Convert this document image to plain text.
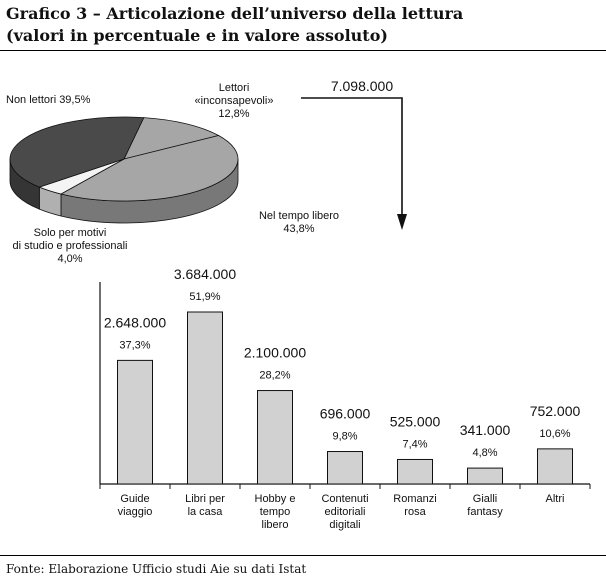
Grafico 3 – Articolazione dell’universo della lettura
(valori in percentuale e in valore assoluto)
Lettori
«inconsapevoli»
12,8%
Nel tempo libero
43,8%
Solo per motivi
di studio e professionali
4,0%
Non lettori 39,5%
7.098.000
37,3%
2.648.000
Guide
viaggio
51,9%
3.684.000
Libri per
la casa
28,2%
2.100.000
Hobby e
tempo
libero
9,8%
696.000
Contenuti
editoriali
digitali
7,4%
525.000
Romanzi
rosa
4,8%
341.000
Gialli
fantasy
10,6%
752.000
Altri
Fonte: Elaborazione Ufficio studi Aie su dati Istat
